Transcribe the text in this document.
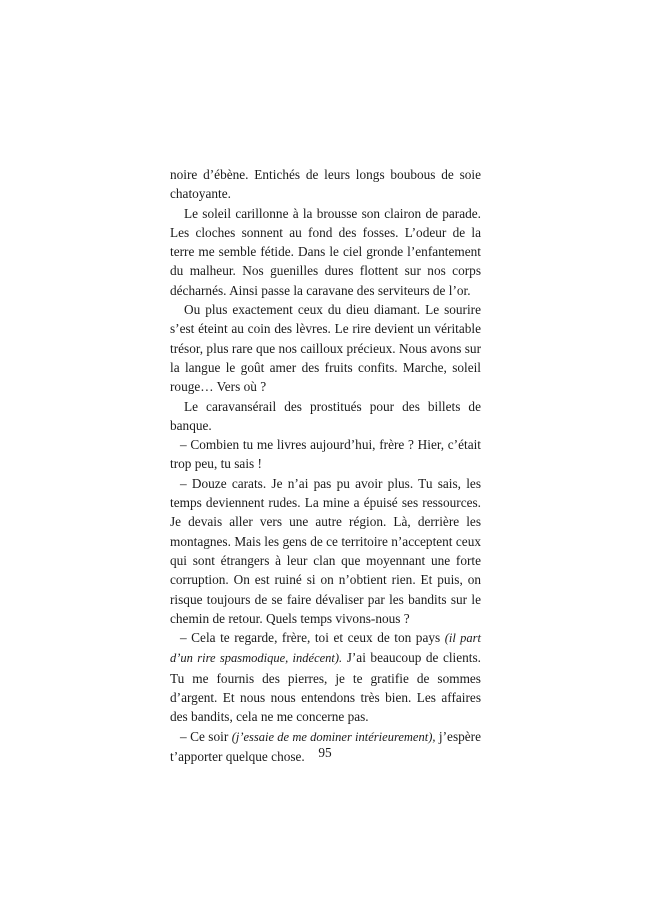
noire d’ébène. Entichés de leurs longs boubous de soie chatoyante.

Le soleil carillonne à la brousse son clairon de parade. Les cloches sonnent au fond des fosses. L’odeur de la terre me semble fétide. Dans le ciel gronde l’enfantement du malheur. Nos guenilles dures flottent sur nos corps décharnés. Ainsi passe la caravane des serviteurs de l’or.

Ou plus exactement ceux du dieu diamant. Le sourire s’est éteint au coin des lèvres. Le rire devient un véritable trésor, plus rare que nos cailloux précieux. Nous avons sur la langue le goût amer des fruits confits. Marche, soleil rouge… Vers où ?

Le caravansérail des prostitués pour des billets de banque.

– Combien tu me livres aujourd’hui, frère ? Hier, c’était trop peu, tu sais !

– Douze carats. Je n’ai pas pu avoir plus. Tu sais, les temps deviennent rudes. La mine a épuisé ses ressources. Je devais aller vers une autre région. Là, derrière les montagnes. Mais les gens de ce territoire n’acceptent ceux qui sont étrangers à leur clan que moyennant une forte corruption. On est ruiné si on n’obtient rien. Et puis, on risque toujours de se faire dévaliser par les bandits sur le chemin de retour. Quels temps vivons-nous ?

– Cela te regarde, frère, toi et ceux de ton pays (il part d’un rire spasmodique, indécent). J’ai beaucoup de clients. Tu me fournis des pierres, je te gratifie de sommes d’argent. Et nous nous entendons très bien. Les affaires des bandits, cela ne me concerne pas.

– Ce soir (j’essaie de me dominer intérieurement), j’espère t’apporter quelque chose.	95
